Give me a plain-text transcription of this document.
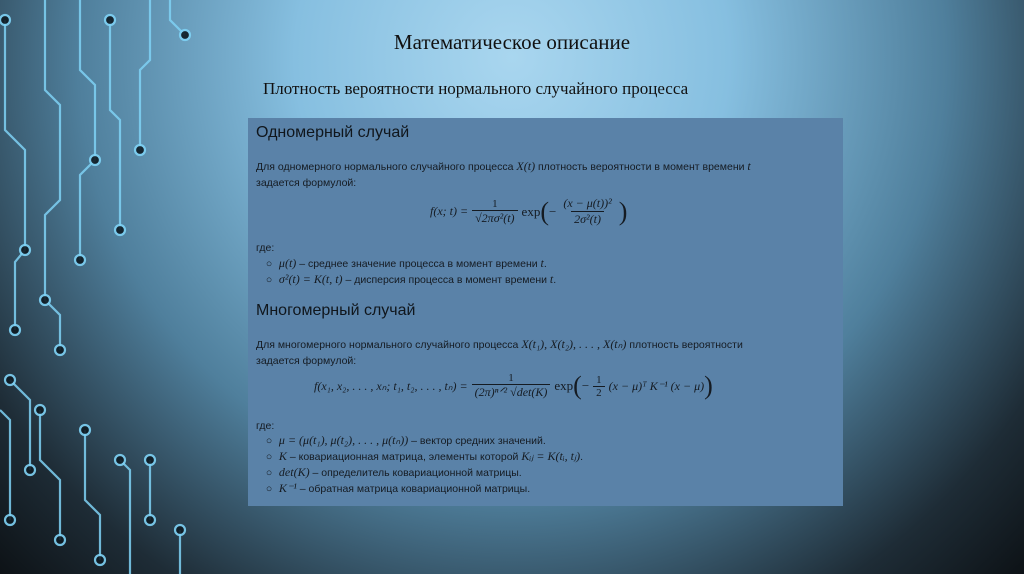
Математическое описание
Плотность вероятности нормального случайного процесса
Одномерный случай
Для одномерного нормального случайного процесса X(t) плотность вероятности в момент времени t
задается формулой:
f(x; $t) = \frac{1}{\text{√2πσ²(t)}}$ exp ( − $\frac{\text{(x − μ(t))²}}{\text{2σ²(t)}}$ )
где:
○ μ(t) – среднее значение процесса в момент времени t.
○ σ²(t) = K(t, t) – дисперсия процесса в момент времени t.
Многомерный случай
Для многомерного нормального случайного процесса X(t₁), X(t₂), . . . , X(tₙ) плотность вероятности
задается формулой:
f(x₁, x₂, . . . , xₙ; t₁, t₂, . . . , $t_n) = \frac{1}{\text{(2π)ⁿᐟ² √det(K)}}$ exp ( − $\frac{1}{2} (x$ − μ)ᵀ K⁻¹ (x − μ) )
где:
○ μ = (μ(t₁), μ(t₂), . . . , μ(tₙ)) – вектор средних значений.
○ K – ковариационная матрица, элементы которой Kᵢⱼ = K(tᵢ, tⱼ).
○ det(K) – определитель ковариационной матрицы.
○ K⁻¹ – обратная матрица ковариационной матрицы.
